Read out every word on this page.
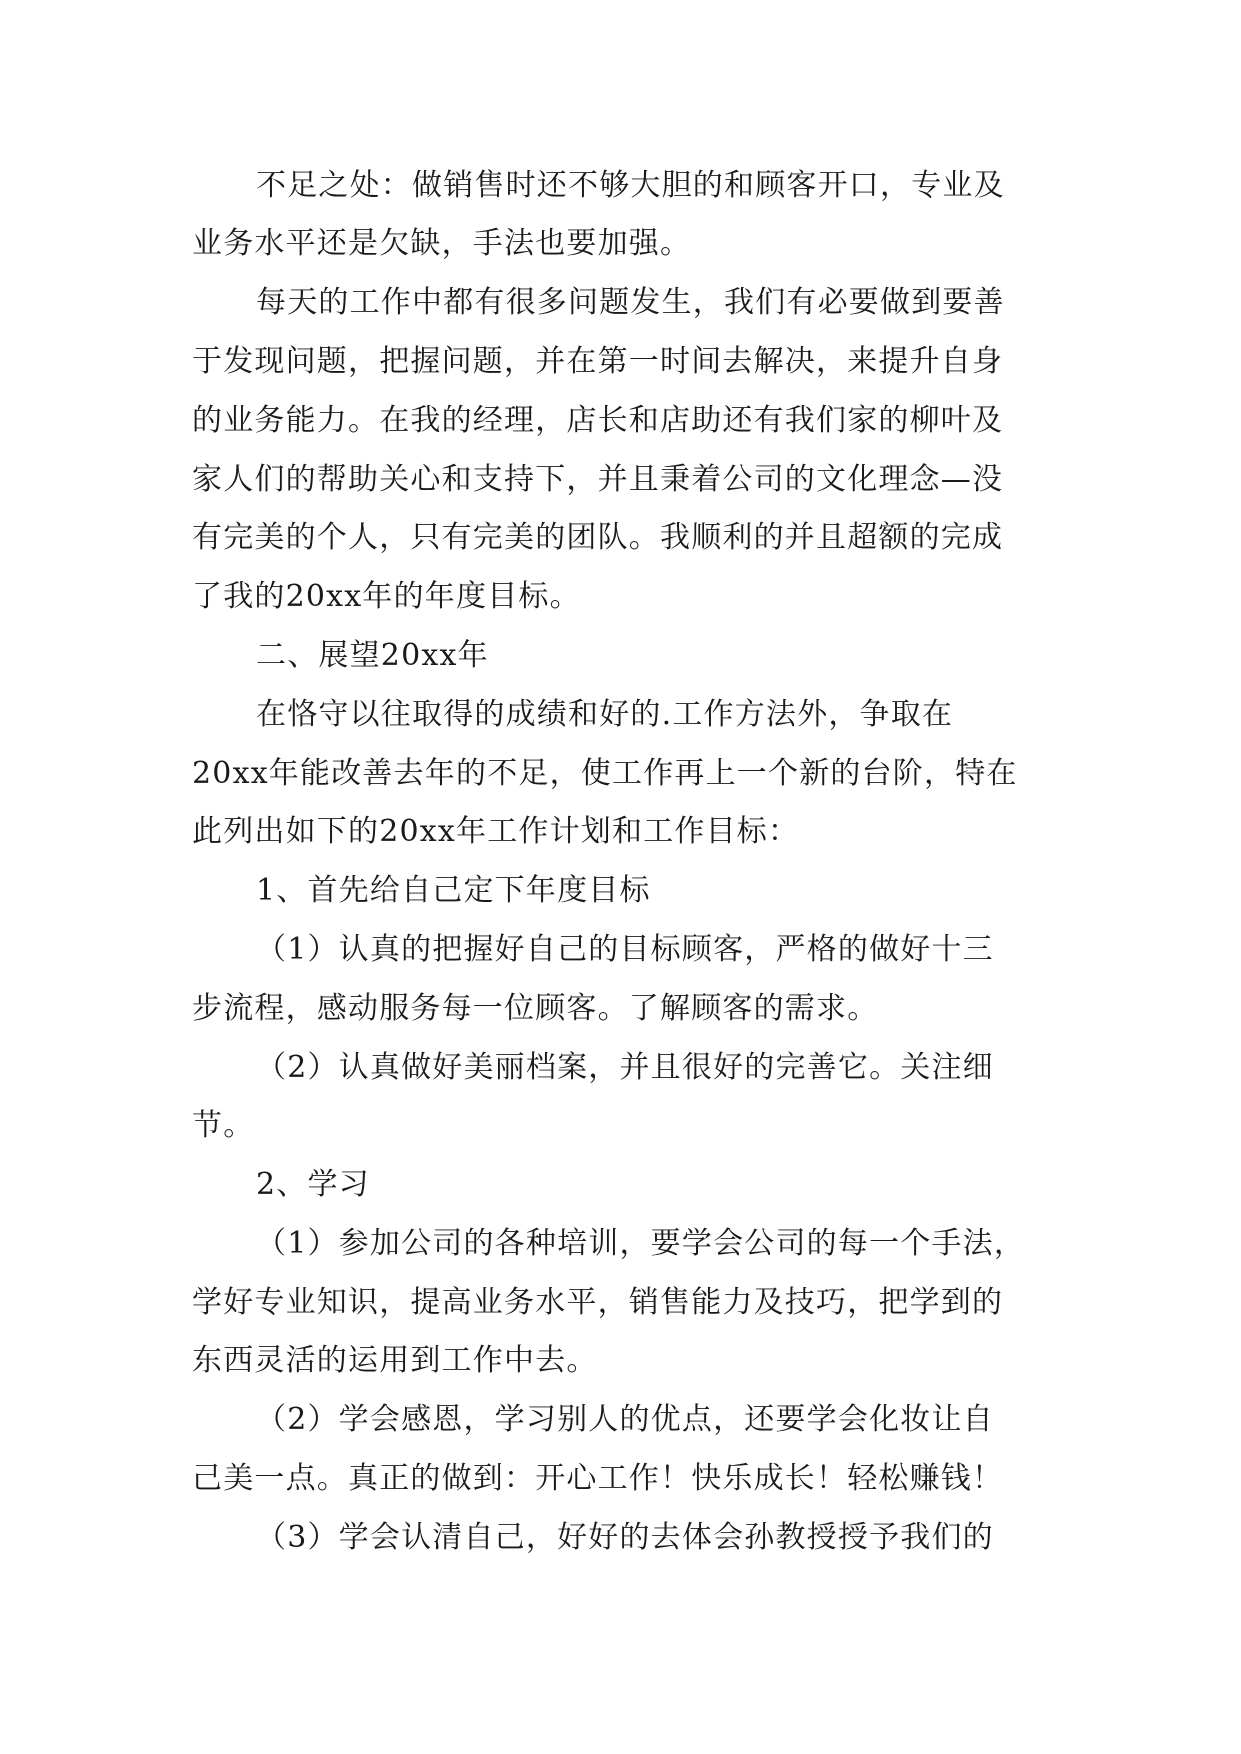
不足之处：做销售时还不够大胆的和顾客开口，专业及
业务水平还是欠缺，手法也要加强。
每天的工作中都有很多问题发生，我们有必要做到要善
于发现问题，把握问题，并在第一时间去解决，来提升自身
的业务能力。在我的经理，店长和店助还有我们家的柳叶及
家人们的帮助关心和支持下，并且秉着公司的文化理念—没
有完美的个人，只有完美的团队。我顺利的并且超额的完成
了我的20xx年的年度目标。
二、展望20xx年
在恪守以往取得的成绩和好的.工作方法外，争取在
20xx年能改善去年的不足，使工作再上一个新的台阶，特在
此列出如下的20xx年工作计划和工作目标：
1、首先给自己定下年度目标
（1）认真的把握好自己的目标顾客，严格的做好十三
步流程，感动服务每一位顾客。了解顾客的需求。
（2）认真做好美丽档案，并且很好的完善它。关注细
节。
2、学习
（1）参加公司的各种培训，要学会公司的每一个手法，
学好专业知识，提高业务水平，销售能力及技巧，把学到的
东西灵活的运用到工作中去。
（2）学会感恩，学习别人的优点，还要学会化妆让自
己美一点。真正的做到：开心工作！快乐成长！轻松赚钱！
（3）学会认清自己，好好的去体会孙教授授予我们的
